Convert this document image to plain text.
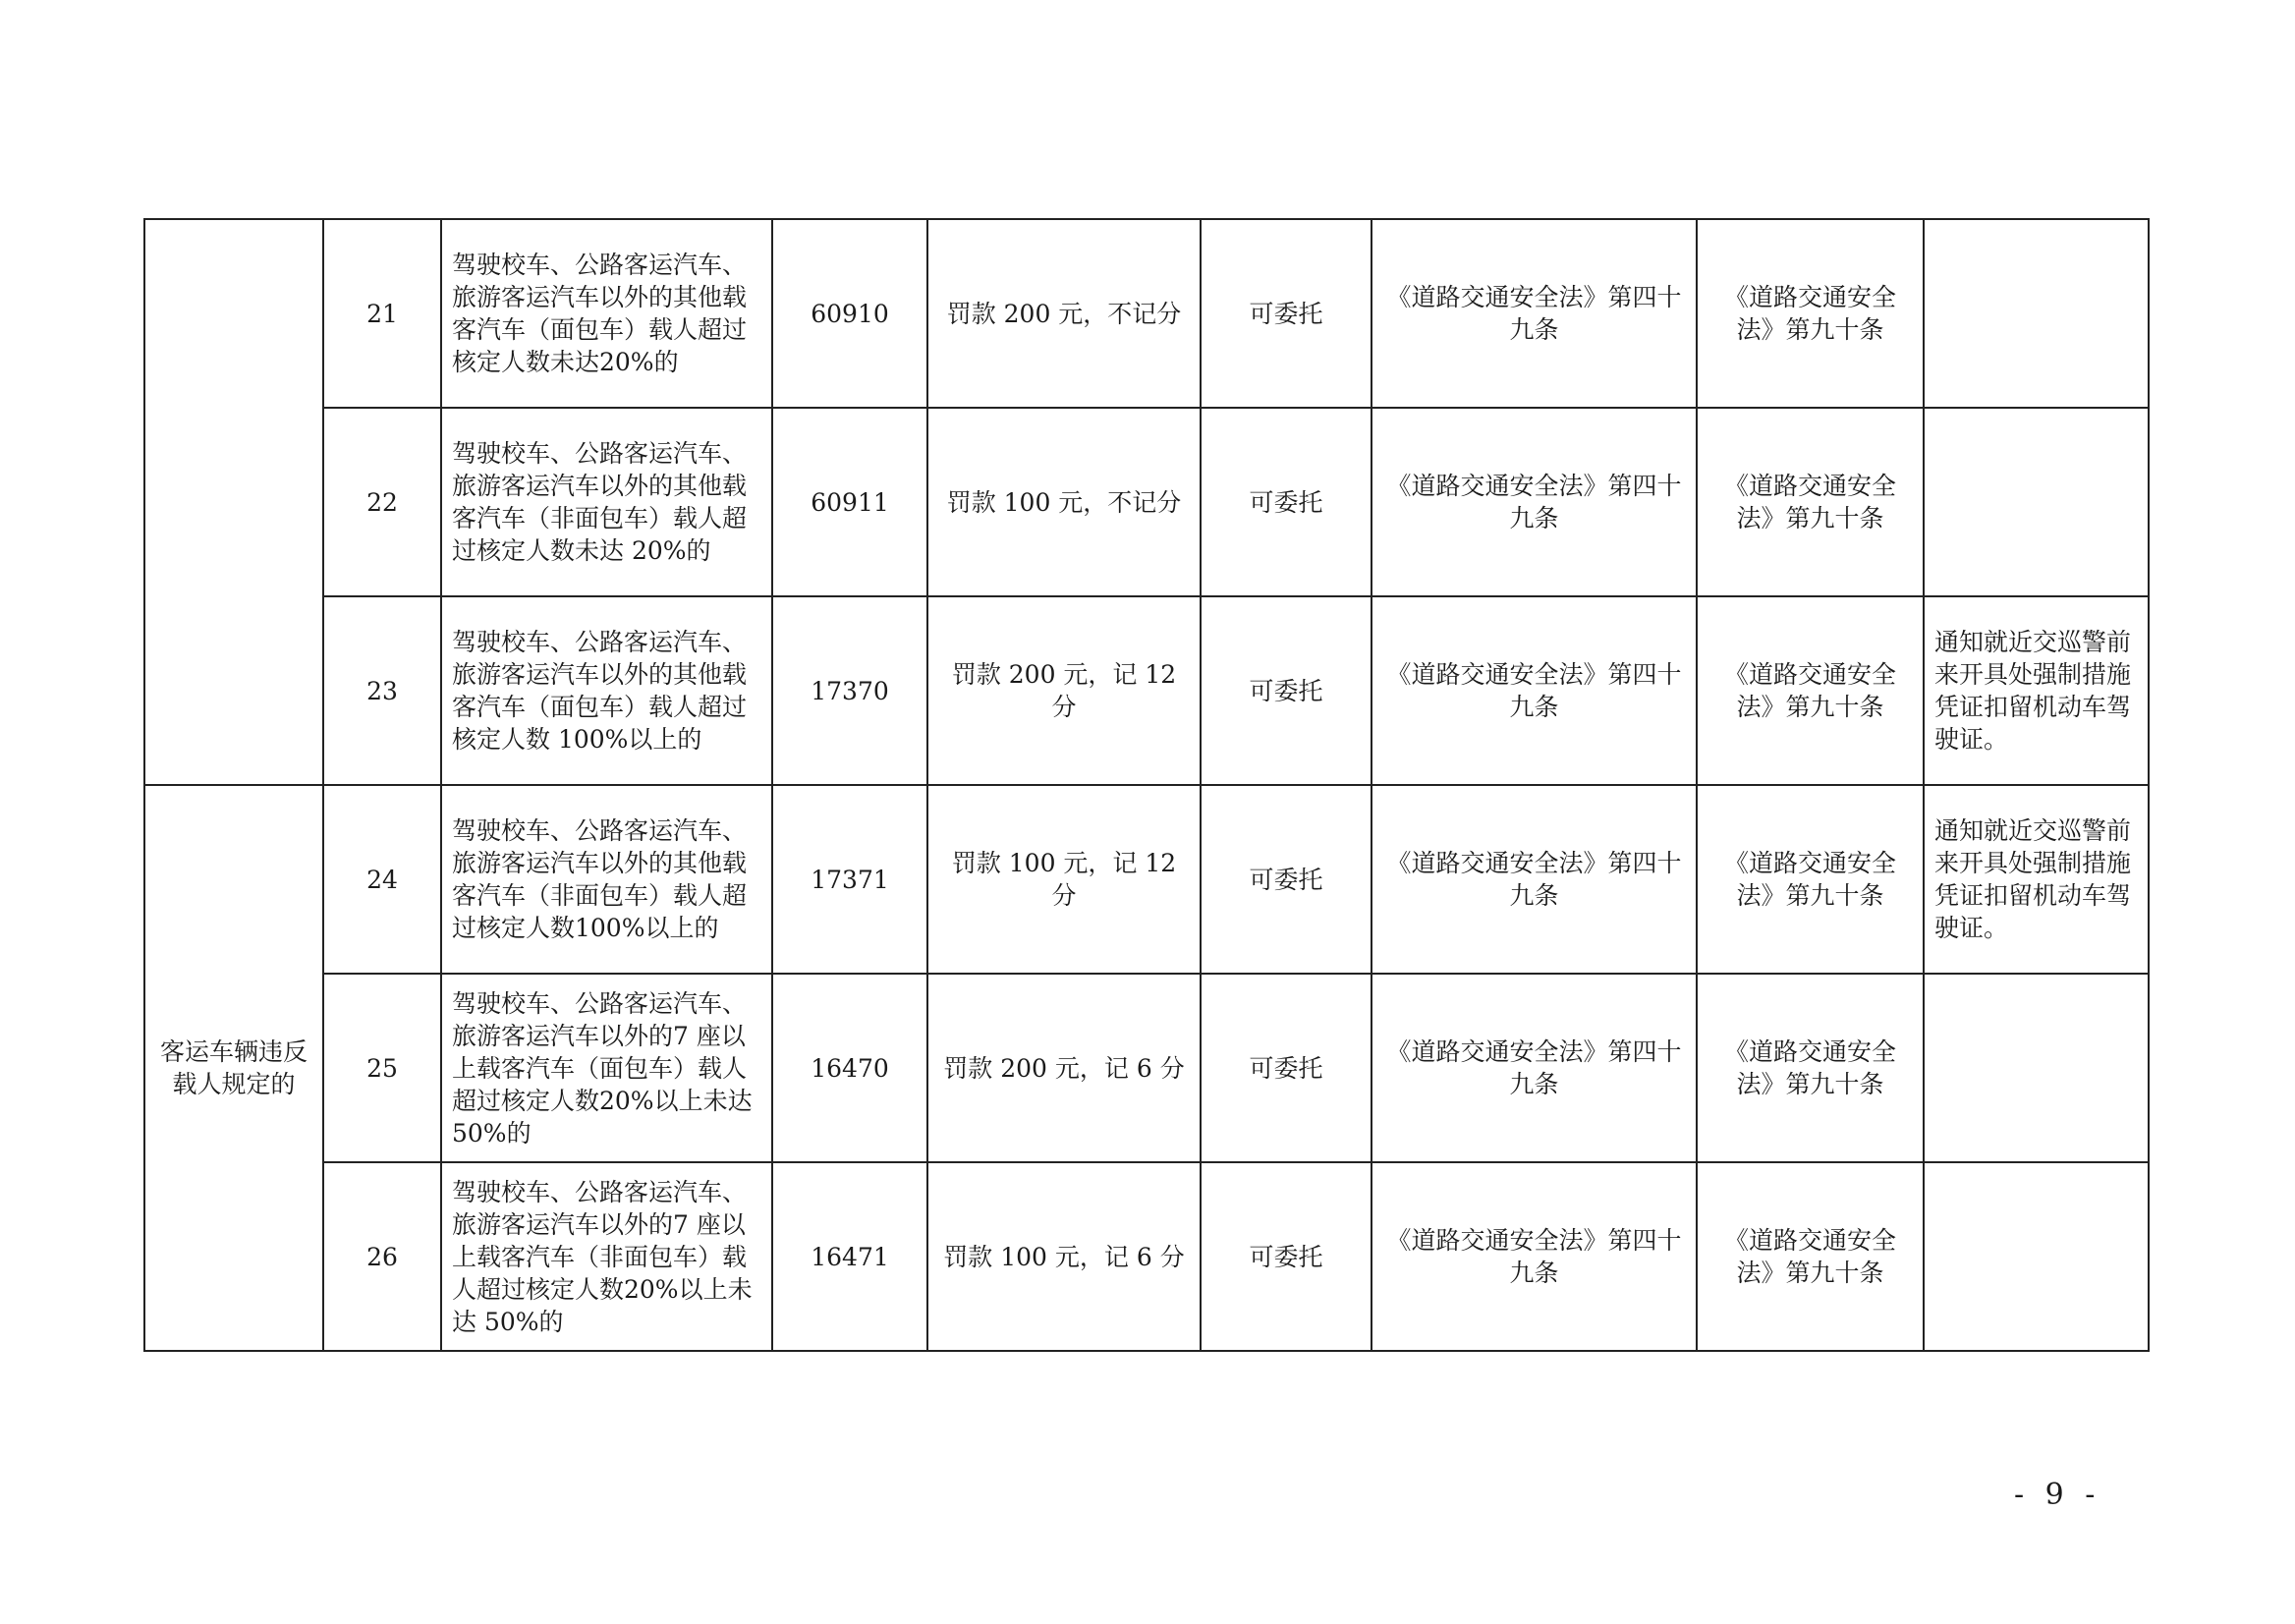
	21	驾驶校车、公路客运汽车、旅游客运汽车以外的其他载客汽车（面包车）载人超过核定人数未达20%的	60910	罚款 200 元，不记分	可委托	《道路交通安全法》第四十九条	《道路交通安全法》第九十条	
	22	驾驶校车、公路客运汽车、旅游客运汽车以外的其他载客汽车（非面包车）载人超过核定人数未达 20%的	60911	罚款 100 元，不记分	可委托	《道路交通安全法》第四十九条	《道路交通安全法》第九十条	
	23	驾驶校车、公路客运汽车、旅游客运汽车以外的其他载客汽车（面包车）载人超过核定人数 100%以上的	17370	罚款 200 元，记 12 分	可委托	《道路交通安全法》第四十九条	《道路交通安全法》第九十条	通知就近交巡警前来开具处强制措施凭证扣留机动车驾驶证。
客运车辆违反载人规定的	24	驾驶校车、公路客运汽车、旅游客运汽车以外的其他载客汽车（非面包车）载人超过核定人数100%以上的	17371	罚款 100 元，记 12 分	可委托	《道路交通安全法》第四十九条	《道路交通安全法》第九十条	通知就近交巡警前来开具处强制措施凭证扣留机动车驾驶证。
	25	驾驶校车、公路客运汽车、旅游客运汽车以外的7 座以上载客汽车（面包车）载人超过核定人数20%以上未达 50%的	16470	罚款 200 元，记 6 分	可委托	《道路交通安全法》第四十九条	《道路交通安全法》第九十条	
	26	驾驶校车、公路客运汽车、旅游客运汽车以外的7 座以上载客汽车（非面包车）载人超过核定人数20%以上未达 50%的	16471	罚款 100 元，记 6 分	可委托	《道路交通安全法》第四十九条	《道路交通安全法》第九十条	
- 9 -
